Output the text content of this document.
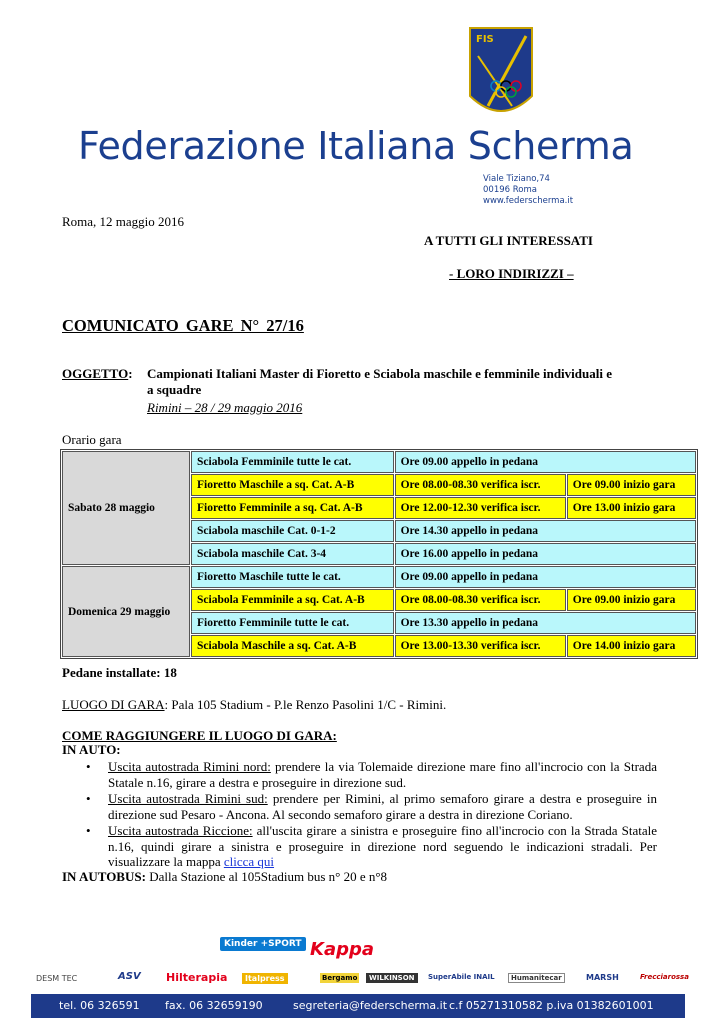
FIS
Federazione Italiana Scherma
Viale Tiziano,74
00196 Roma
www.federscherma.it
Roma, 12 maggio 2016
A TUTTI GLI INTERESSATI
- LORO INDIRIZZI –
COMUNICATO GARE N° 27/16
OGGETTO: Campionati Italiani Master di Fioretto e Sciabola maschile e femminile individuali e a squadre
Rimini – 28 / 29 maggio 2016
Orario gara
Sabato 28 maggio	Sciabola Femminile tutte le cat.	Ore 09.00 appello in pedana	
	Fioretto Maschile a sq. Cat. A-B	Ore 08.00-08.30 verifica iscr.	Ore 09.00 inizio gara
	Fioretto Femminile a sq. Cat. A-B	Ore 12.00-12.30 verifica iscr.	Ore 13.00 inizio gara
	Sciabola maschile Cat. 0-1-2	Ore 14.30 appello in pedana	
	Sciabola maschile Cat. 3-4	Ore 16.00 appello in pedana	
Domenica 29 maggio	Fioretto Maschile tutte le cat.	Ore 09.00 appello in pedana	
	Sciabola Femminile a sq. Cat. A-B	Ore 08.00-08.30 verifica iscr.	Ore 09.00 inizio gara
	Fioretto Femminile tutte le cat.	Ore 13.30 appello in pedana	
	Sciabola Maschile a sq. Cat. A-B	Ore 13.00-13.30 verifica iscr.	Ore 14.00 inizio gara
Pedane installate: 18
LUOGO DI GARA: Pala 105 Stadium - P.le Renzo Pasolini 1/C - Rimini.
COME RAGGIUNGERE IL LUOGO DI GARA:
IN AUTO:
• Uscita autostrada Rimini nord: prendere la via Tolemaide direzione mare fino all'incrocio con la Strada Statale n.16, girare a destra e proseguire in direzione sud.
• Uscita autostrada Rimini sud: prendere per Rimini, al primo semaforo girare a destra e proseguire in direzione sud Pesaro - Ancona. Al secondo semaforo girare a destra in direzione Coriano.
• Uscita autostrada Riccione: all'uscita girare a sinistra e proseguire fino all'incrocio con la Strada Statale n.16, quindi girare a sinistra e proseguire in direzione nord seguendo le indicazioni stradali. Per visualizzare la mappa clicca qui
IN AUTOBUS: Dalla Stazione al 105Stadium bus n° 20 e n°8
Kinder +SPORT Kappa
DESM TEC	ASV Hilterapia	Italpress	Bergamo	WILKINSON	SuperAbile INAIL	Humanitecar	MARSH	Frecciarossa
tel. 06 326591 fax. 06 32659190	segreteria@federscherma.it c.f 05271310582 p.iva 01382601001
